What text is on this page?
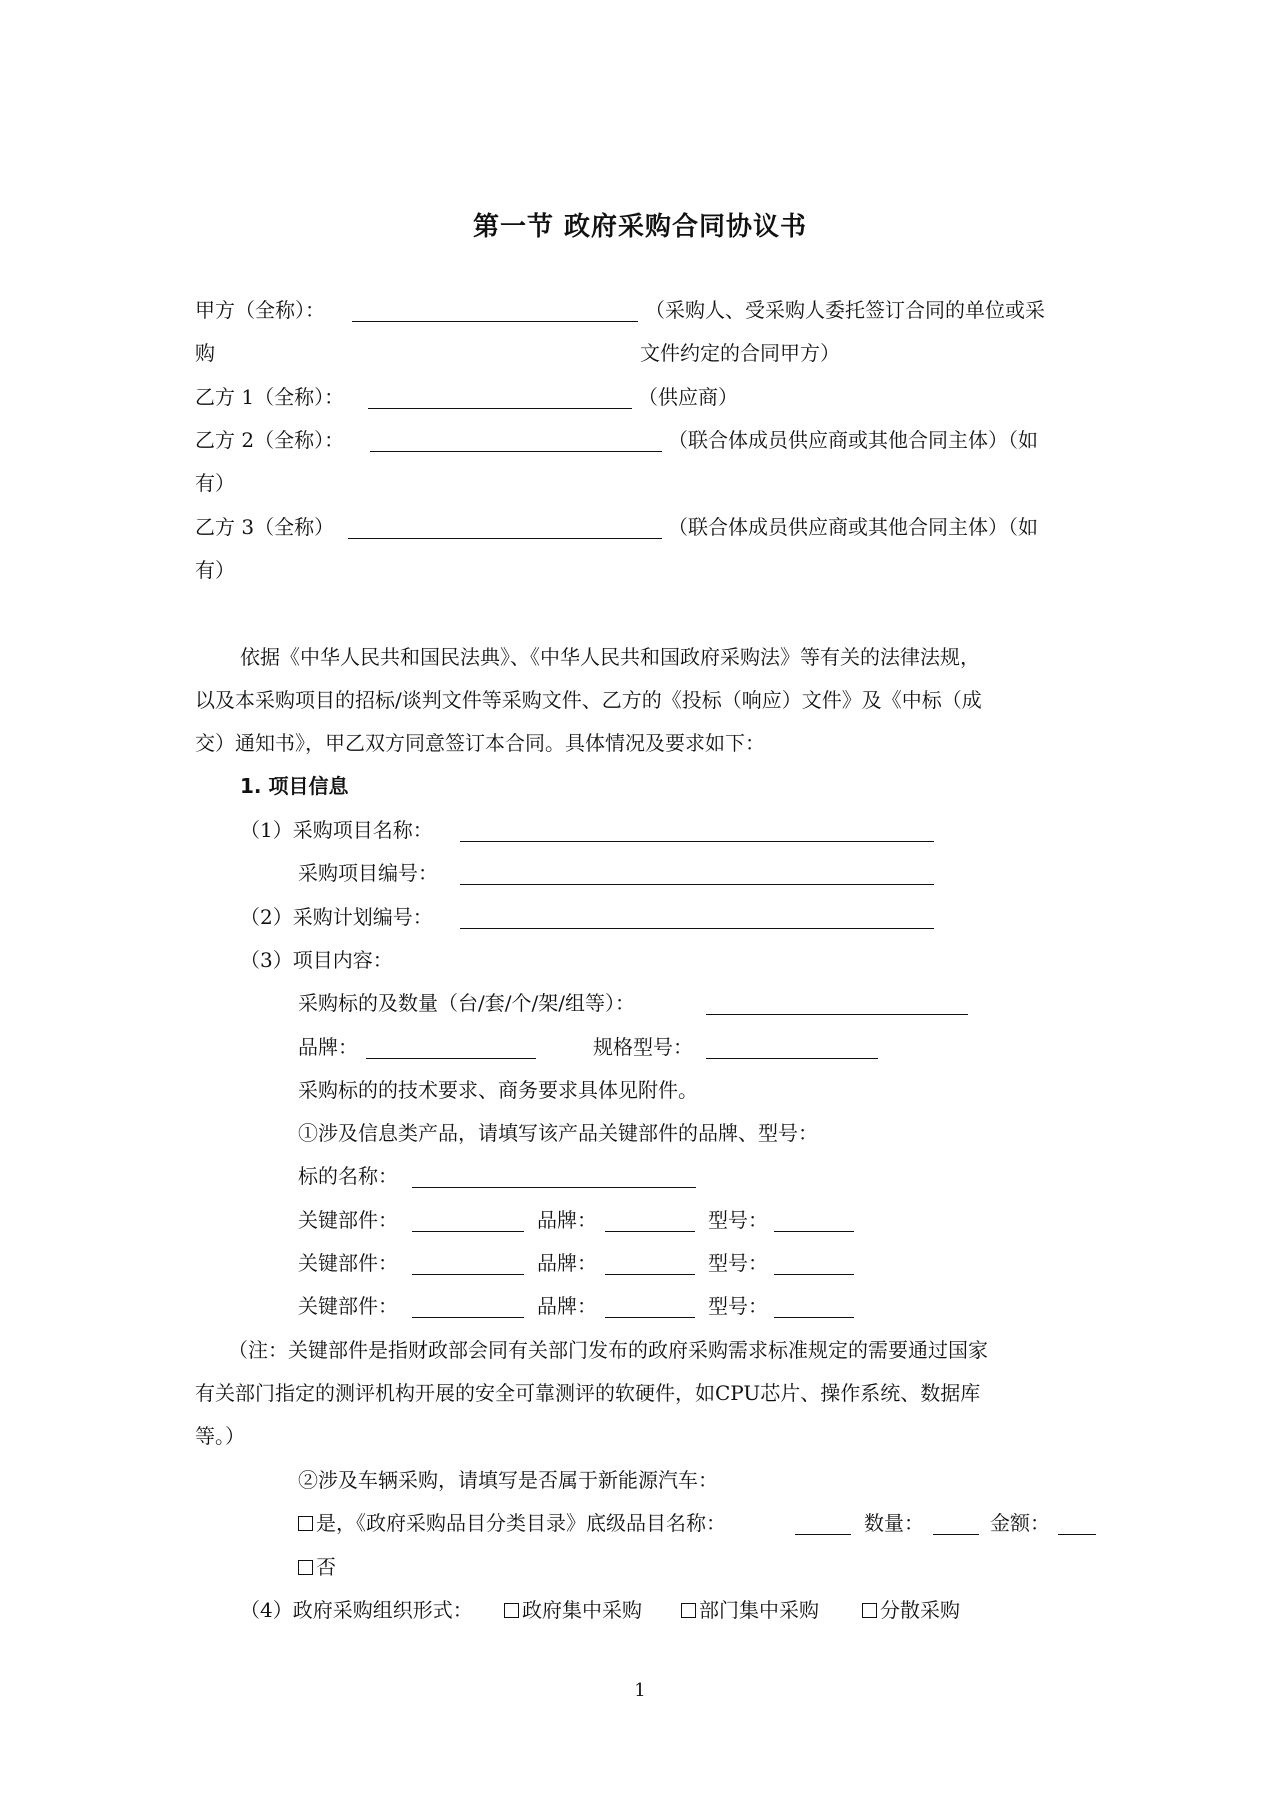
第一节 政府采购合同协议书
甲方（全称）：	（采购人、受采购人委托签订合同的单位或采
购	文件约定的合同甲方）
乙方 1（全称）：	（供应商）
乙方 2（全称）：	（联合体成员供应商或其他合同主体）（如
有）
乙方 3（全称）	（联合体成员供应商或其他合同主体）（如
有）
依据《中华人民共和国民法典》、《中华人民共和国政府采购法》等有关的法律法规，
以及本采购项目的招标/谈判文件等采购文件、乙方的《投标（响应）文件》及《中标（成
交）通知书》，甲乙双方同意签订本合同。具体情况及要求如下：
1. 项目信息
（1）采购项目名称：
采购项目编号：
（2）采购计划编号：
（3）项目内容：
采购标的及数量（台/套/个/架/组等）：
品牌：	规格型号：
采购标的的技术要求、商务要求具体见附件。
①涉及信息类产品，请填写该产品关键部件的品牌、型号：
标的名称：
关键部件：	品牌：	型号：
关键部件：	品牌：	型号：
关键部件：	品牌：	型号：
（注：关键部件是指财政部会同有关部门发布的政府采购需求标准规定的需要通过国家
有关部门指定的测评机构开展的安全可靠测评的软硬件，如CPU芯片、操作系统、数据库
等。）
②涉及车辆采购，请填写是否属于新能源汽车：
是，《政府采购品目分类目录》底级品目名称：	数量：	金额：
否
（4）政府采购组织形式：	政府集中采购	部门集中采购	分散采购
1
